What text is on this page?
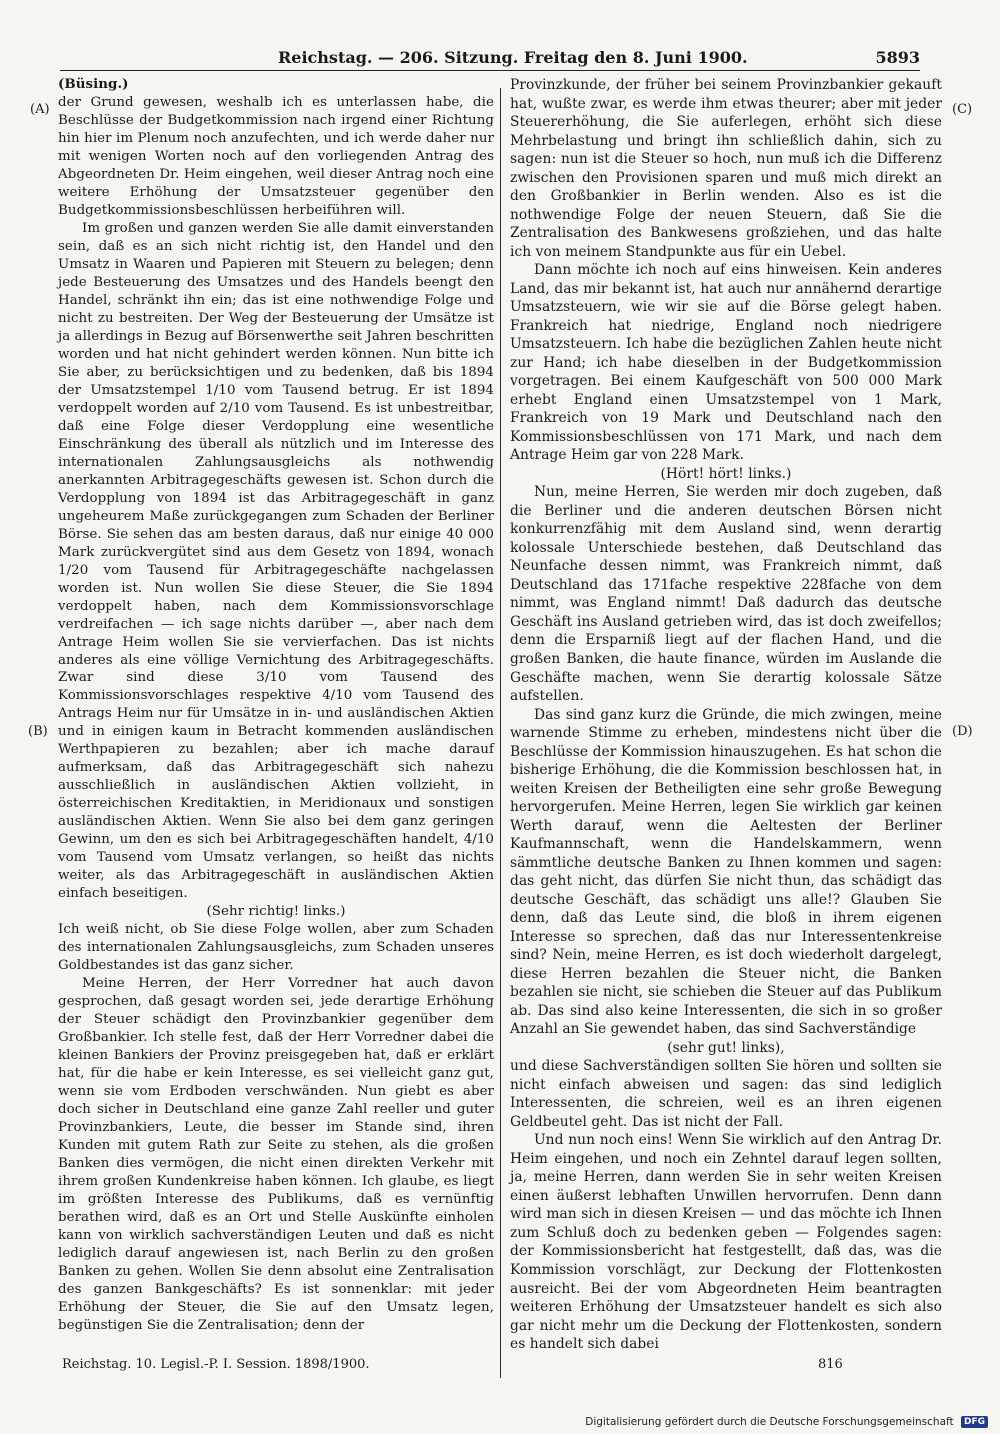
Reichstag. — 206. Sitzung. Freitag den 8. Juni 1900.	5893
(A)
(B)
(C)
(D)

(Büsing.)

der Grund gewesen, weshalb ich es unterlassen habe, die Beschlüsse der Budgetkommission nach irgend einer Richtung hin hier im Plenum noch anzufechten, und ich werde daher nur mit wenigen Worten noch auf den vorliegenden Antrag des Abgeordneten Dr. Heim eingehen, weil dieser Antrag noch eine weitere Erhöhung der Umsatzsteuer gegenüber den Budgetkommissionsbeschlüssen herbeiführen will.

Im großen und ganzen werden Sie alle damit einverstanden sein, daß es an sich nicht richtig ist, den Handel und den Umsatz in Waaren und Papieren mit Steuern zu belegen; denn jede Besteuerung des Umsatzes und des Handels beengt den Handel, schränkt ihn ein; das ist eine nothwendige Folge und nicht zu bestreiten. Der Weg der Besteuerung der Umsätze ist ja allerdings in Bezug auf Börsenwerthe seit Jahren beschritten worden und hat nicht gehindert werden können. Nun bitte ich Sie aber, zu berücksichtigen und zu bedenken, daß bis 1894 der Umsatzstempel 1/10 vom Tausend betrug. Er ist 1894 verdoppelt worden auf 2/10 vom Tausend. Es ist unbestreitbar, daß eine Folge dieser Verdopplung eine wesentliche Einschränkung des überall als nützlich und im Interesse des internationalen Zahlungsausgleichs als nothwendig anerkannten Arbitragegeschäfts gewesen ist. Schon durch die Verdopplung von 1894 ist das Arbitragegeschäft in ganz ungeheurem Maße zurückgegangen zum Schaden der Berliner Börse. Sie sehen das am besten daraus, daß nur einige 40 000 Mark zurückvergütet sind aus dem Gesetz von 1894, wonach 1/20 vom Tausend für Arbitragegeschäfte nachgelassen worden ist. Nun wollen Sie diese Steuer, die Sie 1894 verdoppelt haben, nach dem Kommissionsvorschlage verdreifachen — ich sage nichts darüber —, aber nach dem Antrage Heim wollen Sie sie vervierfachen. Das ist nichts anderes als eine völlige Vernichtung des Arbitragegeschäfts. Zwar sind diese 3/10 vom Tausend des Kommissionsvorschlages respektive 4/10 vom Tausend des Antrags Heim nur für Umsätze in in- und ausländischen Aktien und in einigen kaum in Betracht kommenden ausländischen Werthpapieren zu bezahlen; aber ich mache darauf aufmerksam, daß das Arbitragegeschäft sich nahezu ausschließlich in ausländischen Aktien vollzieht, in österreichischen Kreditaktien, in Meridionaux und sonstigen ausländischen Aktien. Wenn Sie also bei dem ganz geringen Gewinn, um den es sich bei Arbitragegeschäften handelt, 4/10 vom Tausend vom Umsatz verlangen, so heißt das nichts weiter, als das Arbitragegeschäft in ausländischen Aktien einfach beseitigen.

(Sehr richtig! links.)

Ich weiß nicht, ob Sie diese Folge wollen, aber zum Schaden des internationalen Zahlungsausgleichs, zum Schaden unseres Goldbestandes ist das ganz sicher.

Meine Herren, der Herr Vorredner hat auch davon gesprochen, daß gesagt worden sei, jede derartige Erhöhung der Steuer schädigt den Provinzbankier gegenüber dem Großbankier. Ich stelle fest, daß der Herr Vorredner dabei die kleinen Bankiers der Provinz preisgegeben hat, daß er erklärt hat, für die habe er kein Interesse, es sei vielleicht ganz gut, wenn sie vom Erdboden verschwänden. Nun giebt es aber doch sicher in Deutschland eine ganze Zahl reeller und guter Provinzbankiers, Leute, die besser im Stande sind, ihren Kunden mit gutem Rath zur Seite zu stehen, als die großen Banken dies vermögen, die nicht einen direkten Verkehr mit ihrem großen Kundenkreise haben können. Ich glaube, es liegt im größten Interesse des Publikums, daß es vernünftig berathen wird, daß es an Ort und Stelle Auskünfte einholen kann von wirklich sachverständigen Leuten und daß es nicht lediglich darauf angewiesen ist, nach Berlin zu den großen Banken zu gehen. Wollen Sie denn absolut eine Zentralisation des ganzen Bankgeschäfts? Es ist sonnenklar: mit jeder Erhöhung der Steuer, die Sie auf den Umsatz legen, begünstigen Sie die Zentralisation; denn der

Provinzkunde, der früher bei seinem Provinzbankier gekauft hat, wußte zwar, es werde ihm etwas theurer; aber mit jeder Steuererhöhung, die Sie auferlegen, erhöht sich diese Mehrbelastung und bringt ihn schließlich dahin, sich zu sagen: nun ist die Steuer so hoch, nun muß ich die Differenz zwischen den Provisionen sparen und muß mich direkt an den Großbankier in Berlin wenden. Also es ist die nothwendige Folge der neuen Steuern, daß Sie die Zentralisation des Bankwesens großziehen, und das halte ich von meinem Standpunkte aus für ein Uebel.

Dann möchte ich noch auf eins hinweisen. Kein anderes Land, das mir bekannt ist, hat auch nur annähernd derartige Umsatzsteuern, wie wir sie auf die Börse gelegt haben. Frankreich hat niedrige, England noch niedrigere Umsatzsteuern. Ich habe die bezüglichen Zahlen heute nicht zur Hand; ich habe dieselben in der Budgetkommission vorgetragen. Bei einem Kaufgeschäft von 500 000 Mark erhebt England einen Umsatzstempel von 1 Mark, Frankreich von 19 Mark und Deutschland nach den Kommissionsbeschlüssen von 171 Mark, und nach dem Antrage Heim gar von 228 Mark.

(Hört! hört! links.)

Nun, meine Herren, Sie werden mir doch zugeben, daß die Berliner und die anderen deutschen Börsen nicht konkurrenzfähig mit dem Ausland sind, wenn derartig kolossale Unterschiede bestehen, daß Deutschland das Neunfache dessen nimmt, was Frankreich nimmt, daß Deutschland das 171fache respektive 228fache von dem nimmt, was England nimmt! Daß dadurch das deutsche Geschäft ins Ausland getrieben wird, das ist doch zweifellos; denn die Ersparniß liegt auf der flachen Hand, und die großen Banken, die haute finance, würden im Auslande die Geschäfte machen, wenn Sie derartig kolossale Sätze aufstellen.

Das sind ganz kurz die Gründe, die mich zwingen, meine warnende Stimme zu erheben, mindestens nicht über die Beschlüsse der Kommission hinauszugehen. Es hat schon die bisherige Erhöhung, die die Kommission beschlossen hat, in weiten Kreisen der Betheiligten eine sehr große Bewegung hervorgerufen. Meine Herren, legen Sie wirklich gar keinen Werth darauf, wenn die Aeltesten der Berliner Kaufmannschaft, wenn die Handelskammern, wenn sämmtliche deutsche Banken zu Ihnen kommen und sagen: das geht nicht, das dürfen Sie nicht thun, das schädigt das deutsche Geschäft, das schädigt uns alle!? Glauben Sie denn, daß das Leute sind, die bloß in ihrem eigenen Interesse so sprechen, daß das nur Interessentenkreise sind? Nein, meine Herren, es ist doch wiederholt dargelegt, diese Herren bezahlen die Steuer nicht, die Banken bezahlen sie nicht, sie schieben die Steuer auf das Publikum ab. Das sind also keine Interessenten, die sich in so großer Anzahl an Sie gewendet haben, das sind Sachverständige

(sehr gut! links),

und diese Sachverständigen sollten Sie hören und sollten sie nicht einfach abweisen und sagen: das sind lediglich Interessenten, die schreien, weil es an ihren eigenen Geldbeutel geht. Das ist nicht der Fall.

Und nun noch eins! Wenn Sie wirklich auf den Antrag Dr. Heim eingehen, und noch ein Zehntel darauf legen sollten, ja, meine Herren, dann werden Sie in sehr weiten Kreisen einen äußerst lebhaften Unwillen hervorrufen. Denn dann wird man sich in diesen Kreisen — und das möchte ich Ihnen zum Schluß doch zu bedenken geben — Folgendes sagen: der Kommissionsbericht hat festgestellt, daß das, was die Kommission vorschlägt, zur Deckung der Flottenkosten ausreicht. Bei der vom Abgeordneten Heim beantragten weiteren Erhöhung der Umsatzsteuer handelt es sich also gar nicht mehr um die Deckung der Flottenkosten, sondern es handelt sich dabei

Reichstag. 10. Legisl.-P. I. Session. 1898/1900.	816
Digitalisierung gefördert durch die Deutsche Forschungsgemeinschaft DFG
